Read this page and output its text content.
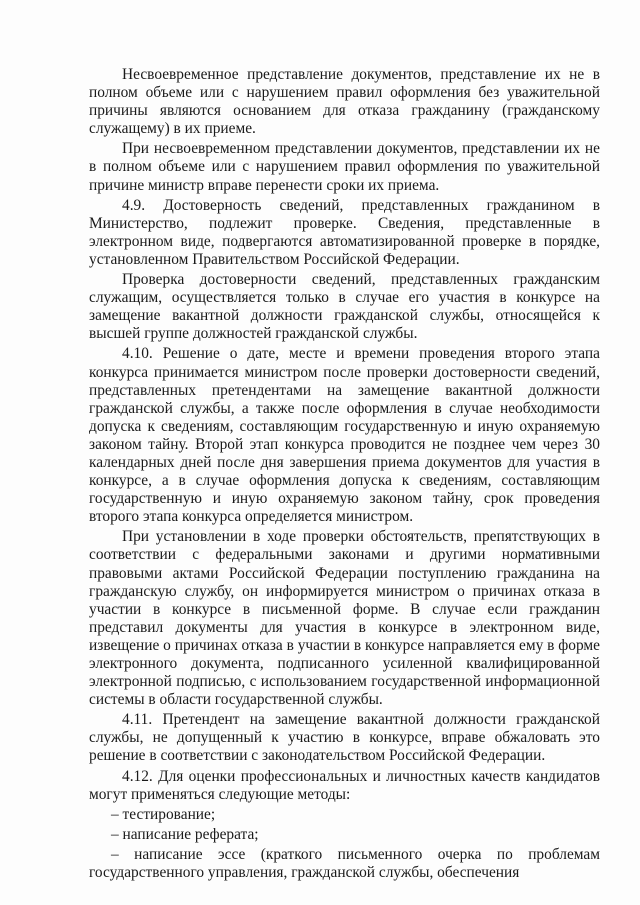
Несвоевременное представление документов, представление их не в полном объеме или с нарушением правил оформления без уважительной причины являются основанием для отказа гражданину (гражданскому служащему) в их приеме.

При несвоевременном представлении документов, представлении их не в полном объеме или с нарушением правил оформления по уважительной причине министр вправе перенести сроки их приема.

4.9. Достоверность сведений, представленных гражданином в Министерство, подлежит проверке. Сведения, представленные в электронном виде, подвергаются автоматизированной проверке в порядке, установленном Правительством Российской Федерации.

Проверка достоверности сведений, представленных гражданским служащим, осуществляется только в случае его участия в конкурсе на замещение вакантной должности гражданской службы, относящейся к высшей группе должностей гражданской службы.

4.10. Решение о дате, месте и времени проведения второго этапа конкурса принимается министром после проверки достоверности сведений, представленных претендентами на замещение вакантной должности гражданской службы, а также после оформления в случае необходимости допуска к сведениям, составляющим государственную и иную охраняемую законом тайну. Второй этап конкурса проводится не позднее чем через 30 календарных дней после дня завершения приема документов для участия в конкурсе, а в случае оформления допуска к сведениям, составляющим государственную и иную охраняемую законом тайну, срок проведения второго этапа конкурса определяется министром.

При установлении в ходе проверки обстоятельств, препятствующих в соответствии с федеральными законами и другими нормативными правовыми актами Российской Федерации поступлению гражданина на гражданскую службу, он информируется министром о причинах отказа в участии в конкурсе в письменной форме. В случае если гражданин представил документы для участия в конкурсе в электронном виде, извещение о причинах отказа в участии в конкурсе направляется ему в форме электронного документа, подписанного усиленной квалифицированной электронной подписью, с использованием государственной информационной системы в области государственной службы.

4.11. Претендент на замещение вакантной должности гражданской службы, не допущенный к участию в конкурсе, вправе обжаловать это решение в соответствии с законодательством Российской Федерации.

4.12. Для оценки профессиональных и личностных качеств кандидатов могут применяться следующие методы:

– тестирование;

– написание реферата;

– написание эссе (краткого письменного очерка по проблемам государственного управления, гражданской службы, обеспечения
